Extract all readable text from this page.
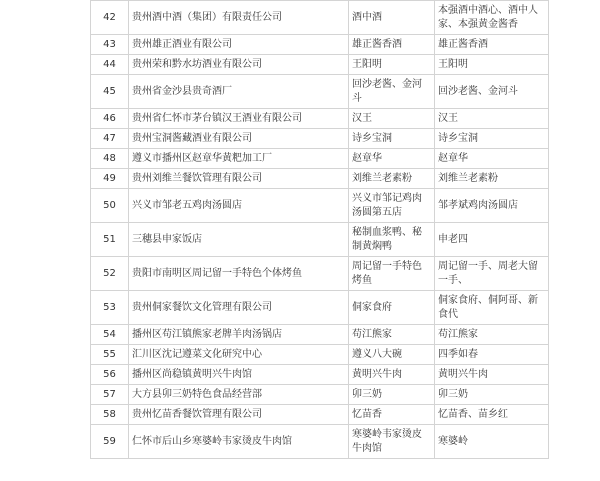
42	贵州酒中酒（集团）有限责任公司	酒中酒	本强酒中酒心、酒中人家、本强黄金酱香
43	贵州雄正酒业有限公司	雄正酱香酒	雄正酱香酒
44	贵州荣和黔水坊酒业有限公司	王阳明	王阳明
45	贵州省金沙县贵奇酒厂	回沙老酱、金河斗	回沙老酱、金河斗
46	贵州省仁怀市茅台镇汉王酒业有限公司	汉王	汉王
47	贵州宝洞酱藏酒业有限公司	诗乡宝洞	诗乡宝洞
48	遵义市播州区赵章华黄粑加工厂	赵章华	赵章华
49	贵州刘维兰餐饮管理有限公司	刘维兰老素粉	刘维兰老素粉
50	兴义市邹老五鸡肉汤圆店	兴义市邹记鸡肉汤圆第五店	邹孝斌鸡肉汤圆店
51	三穗县申家饭店	秘制血浆鸭、秘制黄焖鸭	申老四
52	贵阳市南明区周记留一手特色个体烤鱼	周记留一手特色烤鱼	周记留一手、周老大留一手、
53	贵州侗家餐饮文化管理有限公司	侗家食府	侗家食府、侗阿哥、新食代
54	播州区苟江镇熊家老牌羊肉汤锅店	苟江熊家	苟江熊家
55	汇川区沈记遵菜文化研究中心	遵义八大碗	四季如春
56	播州区尚稳镇黄明兴牛肉馆	黄明兴牛肉	黄明兴牛肉
57	大方县卯三奶特色食品经营部	卯三奶	卯三奶
58	贵州忆苗香餐饮管理有限公司	忆苗香	忆苗香、苗乡红
59	仁怀市后山乡寒婆岭韦家烫皮牛肉馆	寒婆岭韦家烫皮牛肉馆	寒婆岭
